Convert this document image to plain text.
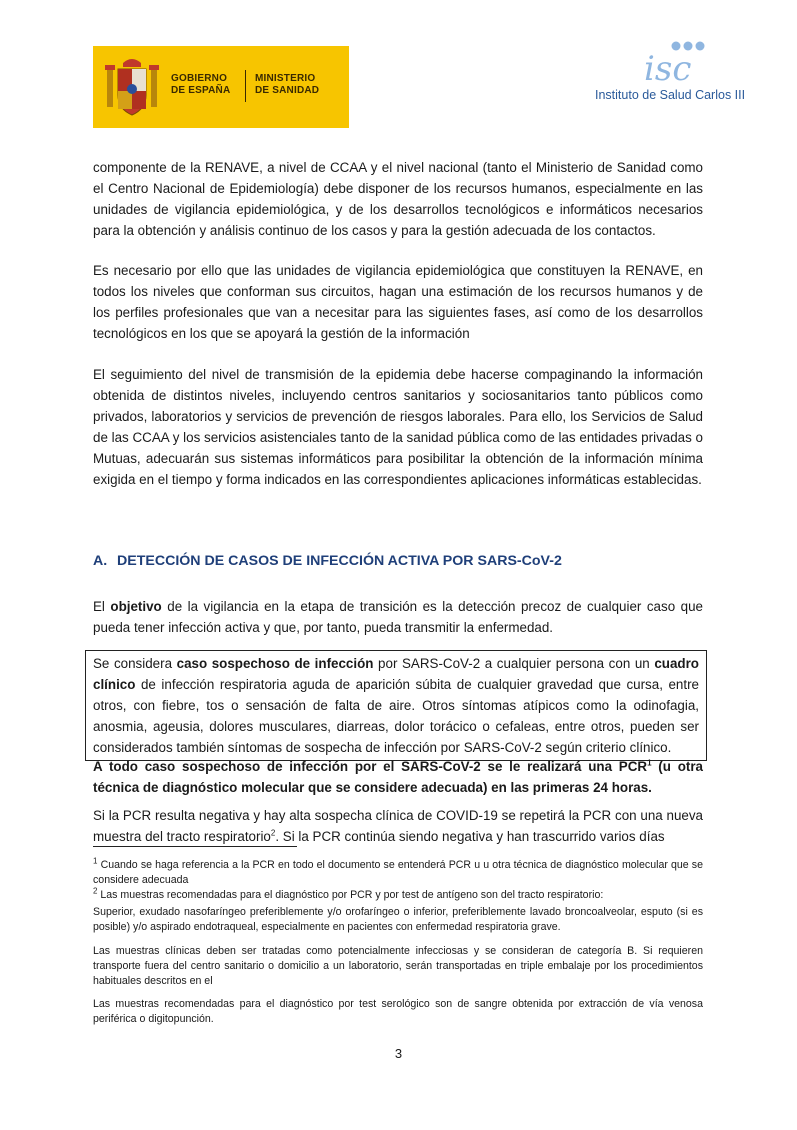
GOBIERNO
DE ESPAÑA
MINISTERIO
DE SANIDAD
isc
Instituto de Salud Carlos III

componente de la RENAVE, a nivel de CCAA y el nivel nacional (tanto el Ministerio de Sanidad como el Centro Nacional de Epidemiología) debe disponer de los recursos humanos, especialmente en las unidades de vigilancia epidemiológica, y de los desarrollos tecnológicos e informáticos necesarios para la obtención y análisis continuo de los casos y para la gestión adecuada de los contactos.

Es necesario por ello que las unidades de vigilancia epidemiológica que constituyen la RENAVE, en todos los niveles que conforman sus circuitos, hagan una estimación de los recursos humanos y de los perfiles profesionales que van a necesitar para las siguientes fases, así como de los desarrollos tecnológicos en los que se apoyará la gestión de la información

El seguimiento del nivel de transmisión de la epidemia debe hacerse compaginando la información obtenida de distintos niveles, incluyendo centros sanitarios y sociosanitarios tanto públicos como privados, laboratorios y servicios de prevención de riesgos laborales. Para ello, los Servicios de Salud de las CCAA y los servicios asistenciales tanto de la sanidad pública como de las entidades privadas o Mutuas, adecuarán sus sistemas informáticos para posibilitar la obtención de la información mínima exigida en el tiempo y forma indicados en las correspondientes aplicaciones informáticas establecidas.

A. DETECCIÓN DE CASOS DE INFECCIÓN ACTIVA POR SARS-CoV-2

El objetivo de la vigilancia en la etapa de transición es la detección precoz de cualquier caso que pueda tener infección activa y que, por tanto, pueda transmitir la enfermedad.

Se considera caso sospechoso de infección por SARS-CoV-2 a cualquier persona con un cuadro clínico de infección respiratoria aguda de aparición súbita de cualquier gravedad que cursa, entre otros, con fiebre, tos o sensación de falta de aire. Otros síntomas atípicos como la odinofagia, anosmia, ageusia, dolores musculares, diarreas, dolor torácico o cefaleas, entre otros, pueden ser considerados también síntomas de sospecha de infección por SARS-CoV-2 según criterio clínico.

A todo caso sospechoso de infección por el SARS-CoV-2 se le realizará una PCR$^1$ (u otra técnica de diagnóstico molecular que se considere adecuada) en las primeras 24 horas.

Si la PCR resulta negativa y hay alta sospecha clínica de COVID-19 se repetirá la PCR con una nueva muestra del tracto respiratorio$^2$. Si la PCR continúa siendo negativa y han trascurrido varios días

$^1$ Cuando se haga referencia a la PCR en todo el documento se entenderá PCR u u otra técnica de diagnóstico molecular que se considere adecuada

$^2$ Las muestras recomendadas para el diagnóstico por PCR y por test de antígeno son del tracto respiratorio:

Superior, exudado nasofaríngeo preferiblemente y/o orofaríngeo o inferior, preferiblemente lavado broncoalveolar, esputo (si es posible) y/o aspirado endotraqueal, especialmente en pacientes con enfermedad respiratoria grave.

Las muestras clínicas deben ser tratadas como potencialmente infecciosas y se consideran de categoría B. Si requieren transporte fuera del centro sanitario o domicilio a un laboratorio, serán transportadas en triple embalaje por los procedimientos habituales descritos en el

Las muestras recomendadas para el diagnóstico por test serológico son de sangre obtenida por extracción de vía venosa periférica o digitopunción.

3
